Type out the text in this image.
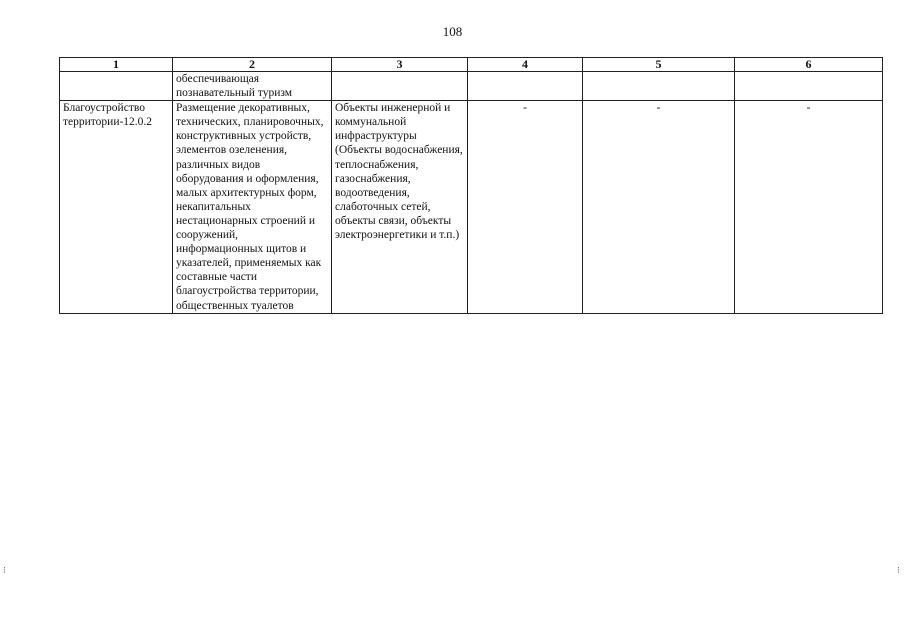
108
1	2	3	4	5	6
	обеспечивающая познавательный туризм				
Благоустройство территории-12.0.2	Размещение декоративных, технических, планировочных, конструктивных устройств, элементов озеленения, различных видов оборудования и оформления, малых архитектурных форм, некапитальных нестационарных строений и сооружений, информационных щитов и указателей, применяемых как составные части благоустройства территории, общественных туалетов	Объекты инженерной и коммунальной инфраструктуры (Объекты водоснабжения, теплоснабжения, газоснабжения, водоотведения, слаботочных сетей, объекты связи, объекты электроэнергетики и т.п.)	-	-	-
⁝	⁝
